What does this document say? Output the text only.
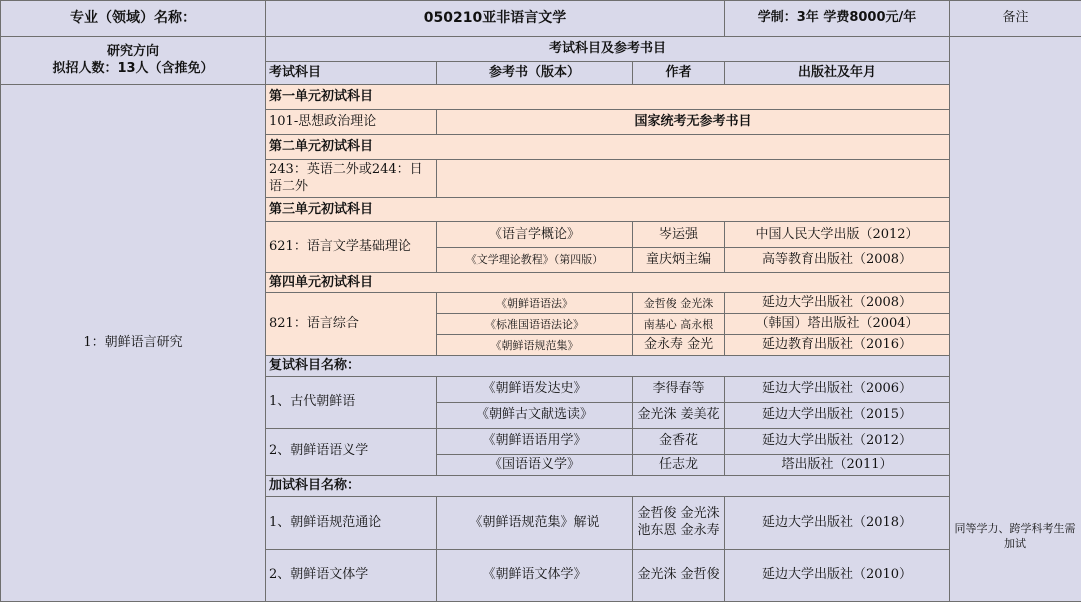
专业（领域）名称：	050210亚非语言文学			学制：3年 学费8000元/年	备注

研究方向
拟招人数：13人（含推免）	考试科目及参考书目				
	考试科目	参考书（版本）	作者	出版社及年月	
1：朝鲜语言研究	第一单元初试科目				
	101-思想政治理论	国家统考无参考书目			
	第二单元初试科目				
	243：英语二外或244：日语二外				
	第三单元初试科目				
	621：语言文学基础理论	《语言学概论》	岑运强	中国人民大学出版（2012）	
		《文学理论教程》（第四版）	童庆炳主编	高等教育出版社（2008）	
	第四单元初试科目				
	821：语言综合	《朝鲜语语法》	金哲俊 金光洙	延边大学出版社（2008）	
		《标准国语语法论》	南基心 高永根	（韩国）塔出版社（2004）	
		《朝鲜语规范集》	金永寿 金光	延边教育出版社（2016）	
	复试科目名称：				
	1、古代朝鲜语	《朝鲜语发达史》	李得春等	延边大学出版社（2006）	
		《朝鲜古文献选读》	金光洙 姜美花	延边大学出版社（2015）	
	2、朝鲜语语义学	《朝鲜语语用学》	金香花	延边大学出版社（2012）	
		《国语语义学》	任志龙	塔出版社（2011）	
	加试科目名称：				
	1、朝鲜语规范通论	《朝鲜语规范集》解说	金哲俊 金光洙 池东恩 金永寿	延边大学出版社（2018）	
	2、朝鲜语文体学	《朝鲜语文体学》	金光洙 金哲俊	延边大学出版社（2010）	
同等学力、跨学科考生需加试
